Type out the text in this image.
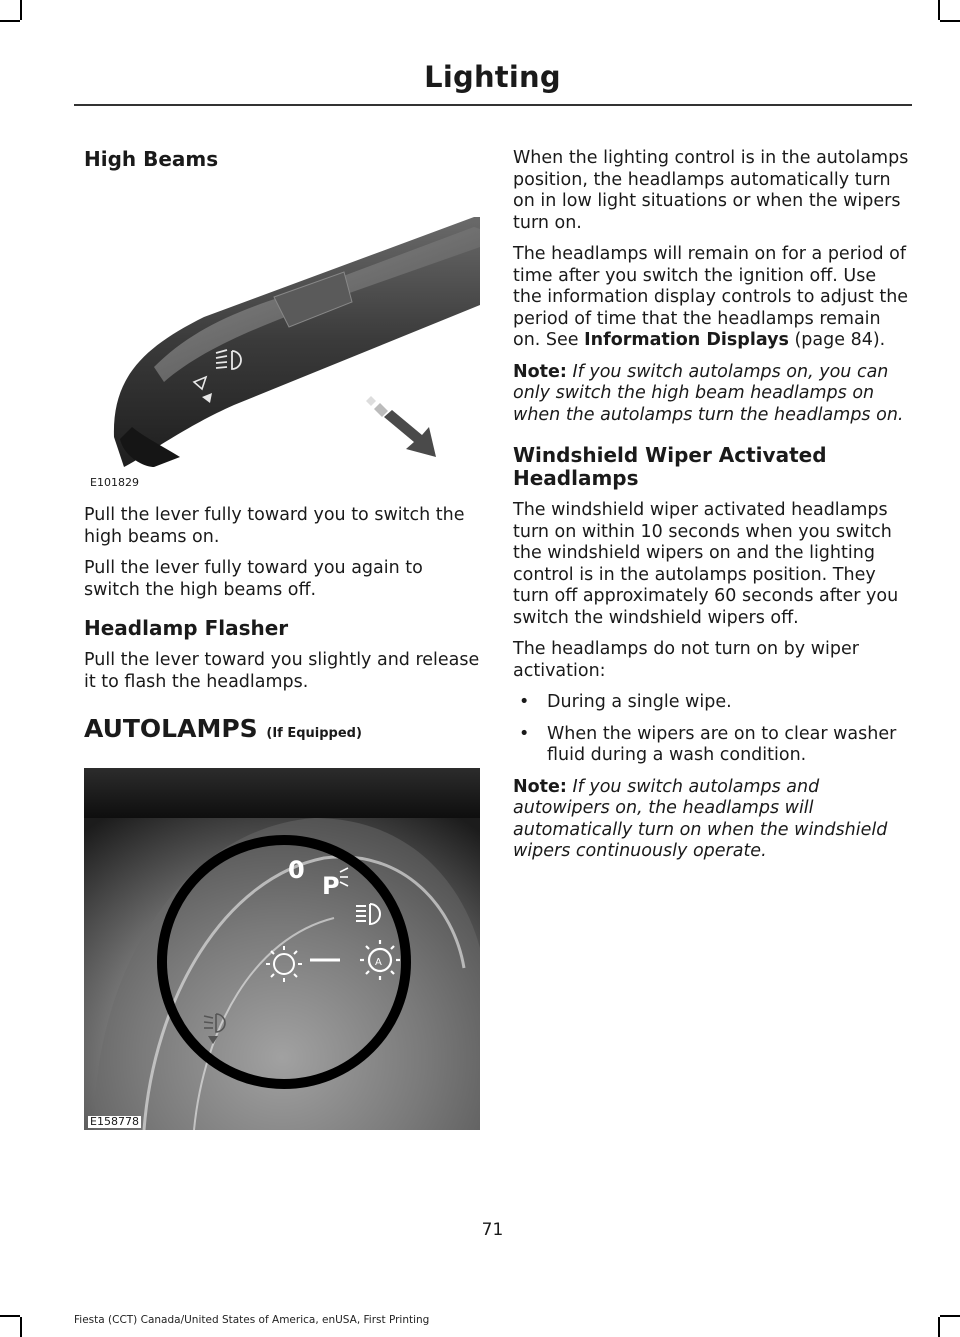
Lighting
High Beams
E101829

Pull the lever fully toward you to switch the high beams on.

Pull the lever fully toward you again to switch the high beams off.

Headlamp Flasher

Pull the lever toward you slightly and release it to flash the headlamps.

AUTOLAMPS (If Equipped)
0
P
A
E158778

When the lighting control is in the autolamps position, the headlamps automatically turn on in low light situations or when the wipers turn on.

The headlamps will remain on for a period of time after you switch the ignition off. Use the information display controls to adjust the period of time that the headlamps remain on. See Information Displays (page 84).

Note: If you switch autolamps on, you can only switch the high beam headlamps on when the autolamps turn the headlamps on.

Windshield Wiper Activated Headlamps

The windshield wiper activated headlamps turn on within 10 seconds when you switch the windshield wipers on and the lighting control is in the autolamps position. They turn off approximately 60 seconds after you switch the windshield wipers off.

The headlamps do not turn on by wiper activation:

• During a single wipe.
• When the wipers are on to clear washer fluid during a wash condition.

Note: If you switch autolamps and autowipers on, the headlamps will automatically turn on when the windshield wipers continuously operate.

71
Fiesta (CCT) Canada/United States of America, enUSA, First Printing
